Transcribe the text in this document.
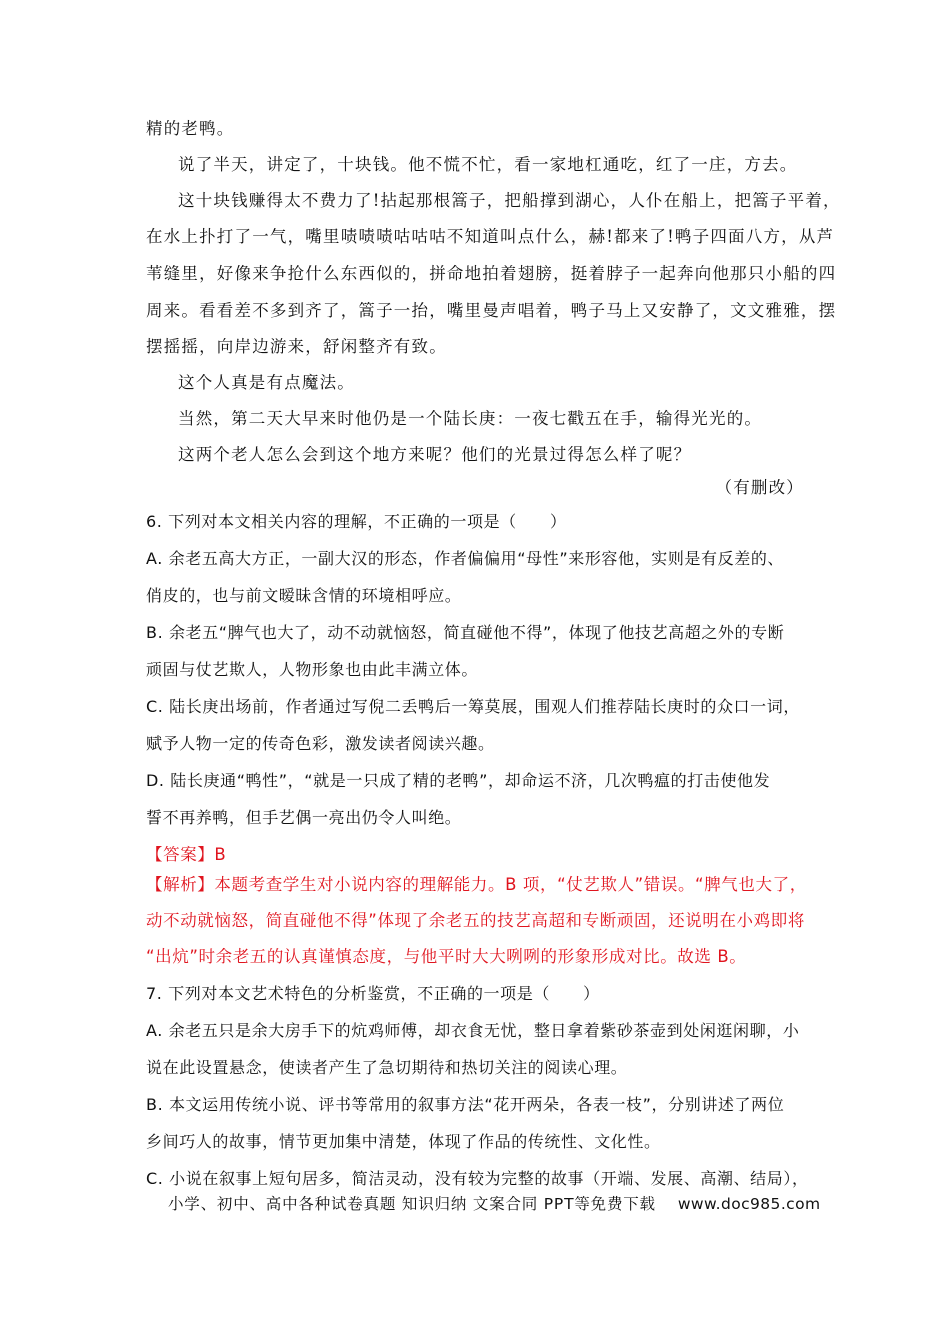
精的老鸭。
说了半天，讲定了，十块钱。他不慌不忙，看一家地杠通吃，红了一庄，方去。
这十块钱赚得太不费力了!拈起那根篙子，把船撑到湖心，人仆在船上，把篙子平着，
在水上扑打了一气，嘴里啧啧啧咕咕咕不知道叫点什么，赫!都来了!鸭子四面八方，从芦
苇缝里，好像来争抢什么东西似的，拼命地拍着翅膀，挺着脖子一起奔向他那只小船的四
周来。看看差不多到齐了，篙子一抬，嘴里曼声唱着，鸭子马上又安静了，文文雅雅，摆
摆摇摇，向岸边游来，舒闲整齐有致。
这个人真是有点魔法。
当然，第二天大早来时他仍是一个陆长庚：一夜七戳五在手，输得光光的。
这两个老人怎么会到这个地方来呢？他们的光景过得怎么样了呢？
（有删改）
6. 下列对本文相关内容的理解，不正确的一项是（　　）
A. 余老五高大方正，一副大汉的形态，作者偏偏用“母性”来形容他，实则是有反差的、
俏皮的，也与前文暧昧含情的环境相呼应。
B. 余老五“脾气也大了，动不动就恼怒，简直碰他不得”，体现了他技艺高超之外的专断
顽固与仗艺欺人，人物形象也由此丰满立体。
C. 陆长庚出场前，作者通过写倪二丢鸭后一筹莫展，围观人们推荐陆长庚时的众口一词，
赋予人物一定的传奇色彩，激发读者阅读兴趣。
D. 陆长庚通“鸭性”，“就是一只成了精的老鸭”，却命运不济，几次鸭瘟的打击使他发
誓不再养鸭，但手艺偶一亮出仍令人叫绝。
【答案】B
【解析】本题考查学生对小说内容的理解能力。B 项，“仗艺欺人”错误。“脾气也大了，
动不动就恼怒，简直碰他不得”体现了余老五的技艺高超和专断顽固，还说明在小鸡即将
“出炕”时余老五的认真谨慎态度，与他平时大大咧咧的形象形成对比。故选 B。
7. 下列对本文艺术特色的分析鉴赏，不正确的一项是（　　）
A. 余老五只是余大房手下的炕鸡师傅，却衣食无忧，整日拿着紫砂茶壶到处闲逛闲聊，小
说在此设置悬念，使读者产生了急切期待和热切关注的阅读心理。
B. 本文运用传统小说、评书等常用的叙事方法“花开两朵，各表一枝”，分别讲述了两位
乡间巧人的故事，情节更加集中清楚，体现了作品的传统性、文化性。
C. 小说在叙事上短句居多，简洁灵动，没有较为完整的故事（开端、发展、高潮、结局），
小学、初中、高中各种试卷真题 知识归纳 文案合同 PPT等免费下载 www.doc985.com
